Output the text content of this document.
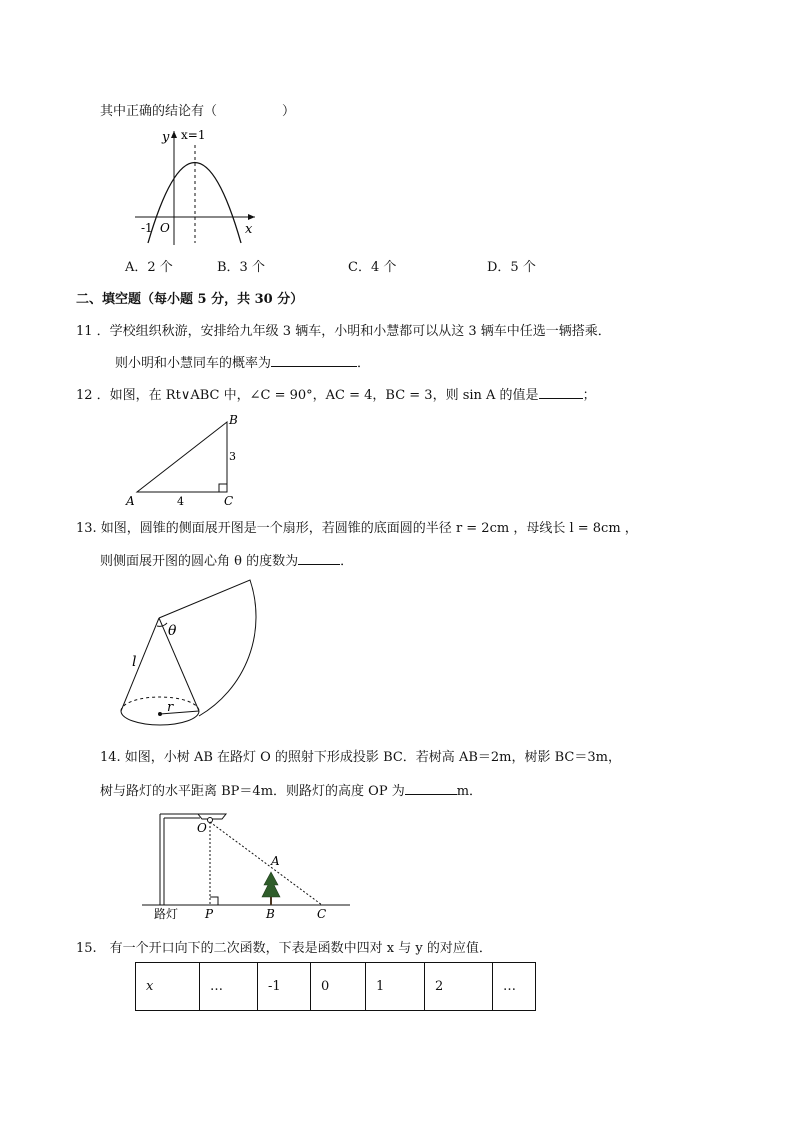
其中正确的结论有（　　　　　）
y x=1
-1 O	x
A．2 个	B．3 个	C．4 个	D．5 个
二、填空题（每小题 5 分，共 30 分）
11 ．学校组织秋游，安排给九年级 3 辆车，小明和小慧都可以从这 3 辆车中任选一辆搭乘．
则小明和小慧同车的概率为	．
12 ．如图，在 Rt∨ABC 中，∠C = 90°，AC = 4，BC = 3，则 sin A 的值是	；
A
B
C
4
3
13. 如图，圆锥的侧面展开图是一个扇形，若圆锥的底面圆的半径 r = 2cm ，母线长 l = 8cm ，
则侧面展开图的圆心角 θ 的度数为	．
θ
l
r
14. 如图，小树 AB 在路灯 O 的照射下形成投影 BC．若树高 AB＝2m，树影 BC＝3m，
树与路灯的水平距离 BP＝4m．则路灯的高度 OP 为	m．
O
A
P	B	C
路灯
15.　有一个开口向下的二次函数，下表是函数中四对 x 与 y 的对应值．
x	…	-1	0	1	2	…
